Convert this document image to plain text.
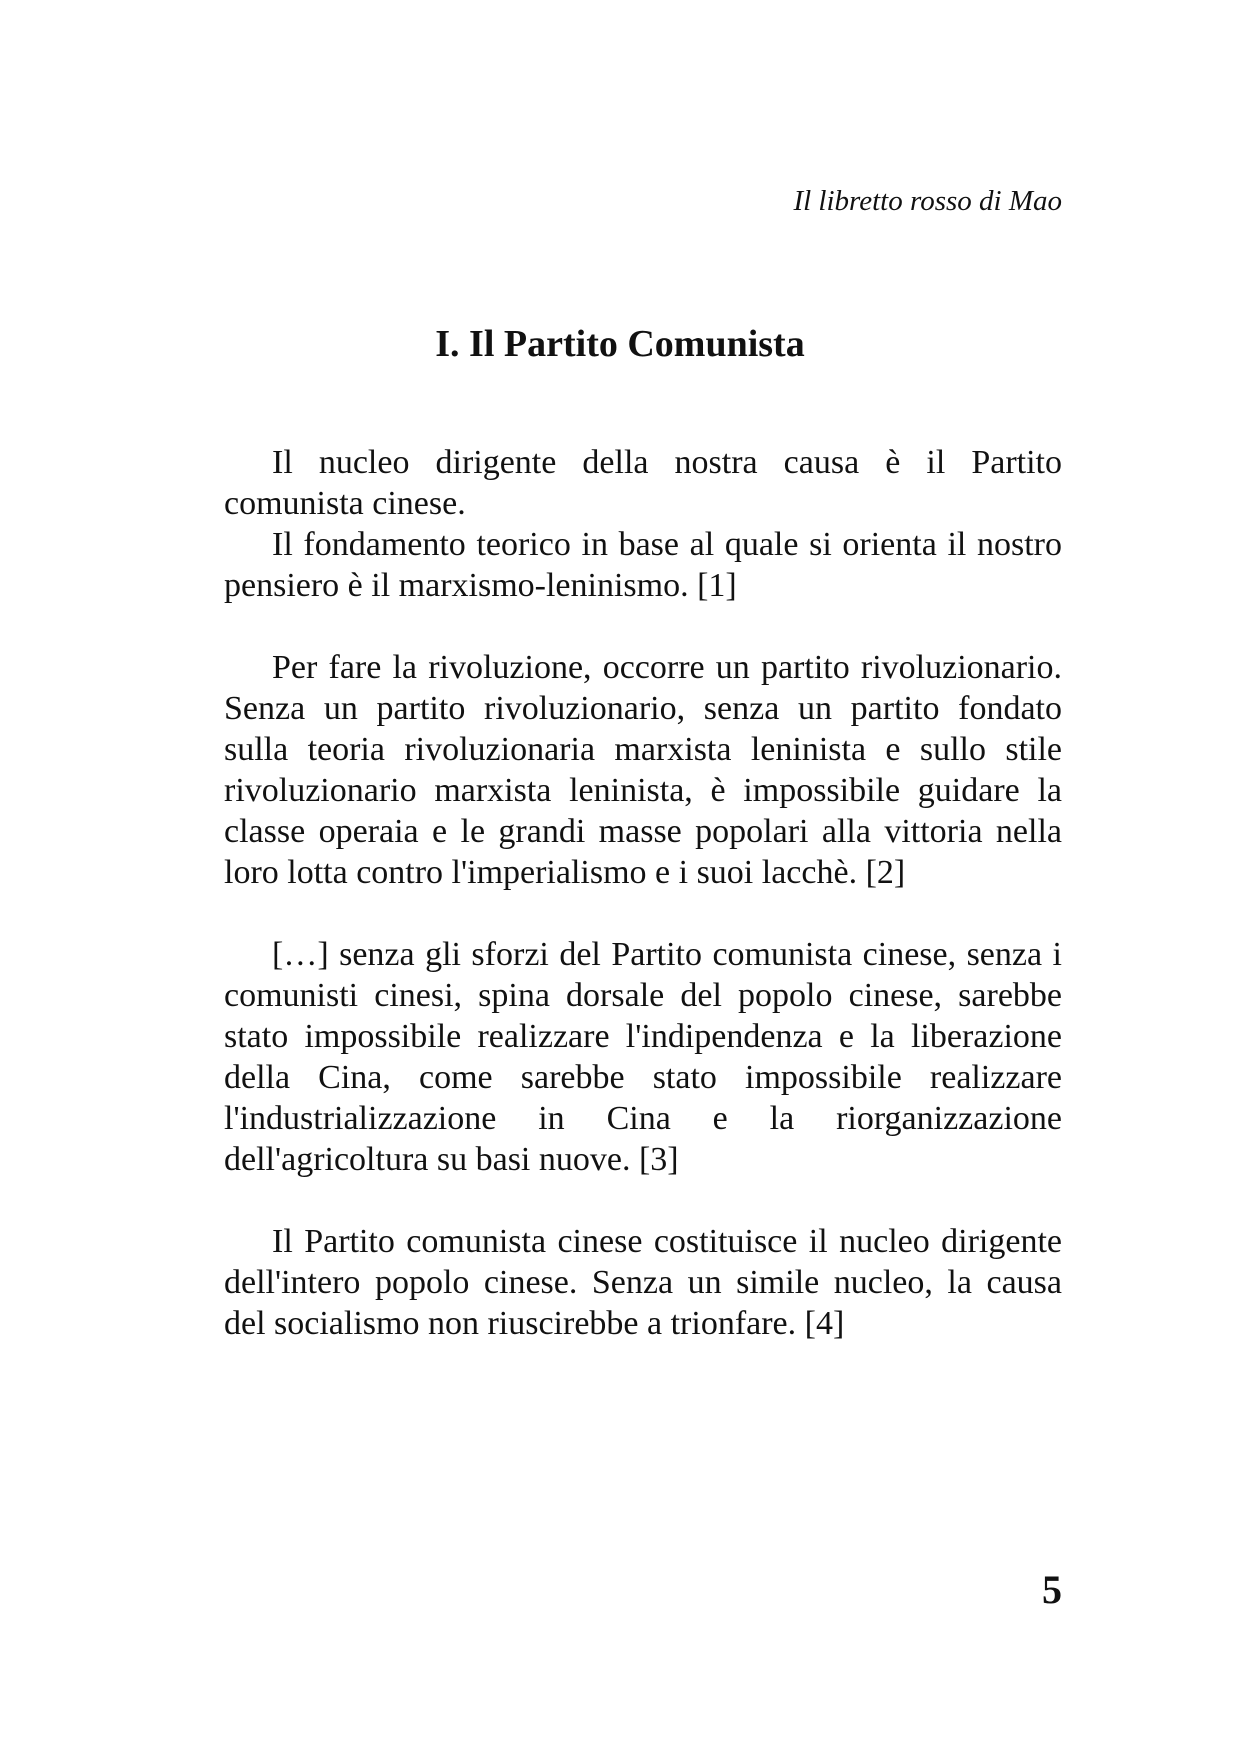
Il libretto rosso di Mao
I. Il Partito Comunista

Il nucleo dirigente della nostra causa è il Partito comunista cinese.

Il fondamento teorico in base al quale si orienta il nostro pensiero è il marxismo-leninismo. [1]

Per fare la rivoluzione, occorre un partito rivoluzionario. Senza un partito rivoluzionario, senza un partito fondato sulla teoria rivoluzionaria marxista leninista e sullo stile rivoluzionario marxista leninista, è impossibile guidare la classe operaia e le grandi masse popolari alla vittoria nella loro lotta contro l'imperialismo e i suoi lacchè. [2]

[…] senza gli sforzi del Partito comunista cinese, senza i comunisti cinesi, spina dorsale del popolo cinese, sarebbe stato impossibile realizzare l'indipendenza e la liberazione della Cina, come sarebbe stato impossibile realizzare l'industrializzazione in Cina e la riorganizzazione dell'agricoltura su basi nuove. [3]

Il Partito comunista cinese costituisce il nucleo dirigente dell'intero popolo cinese. Senza un simile nucleo, la causa del socialismo non riuscirebbe a trionfare. [4]

5
